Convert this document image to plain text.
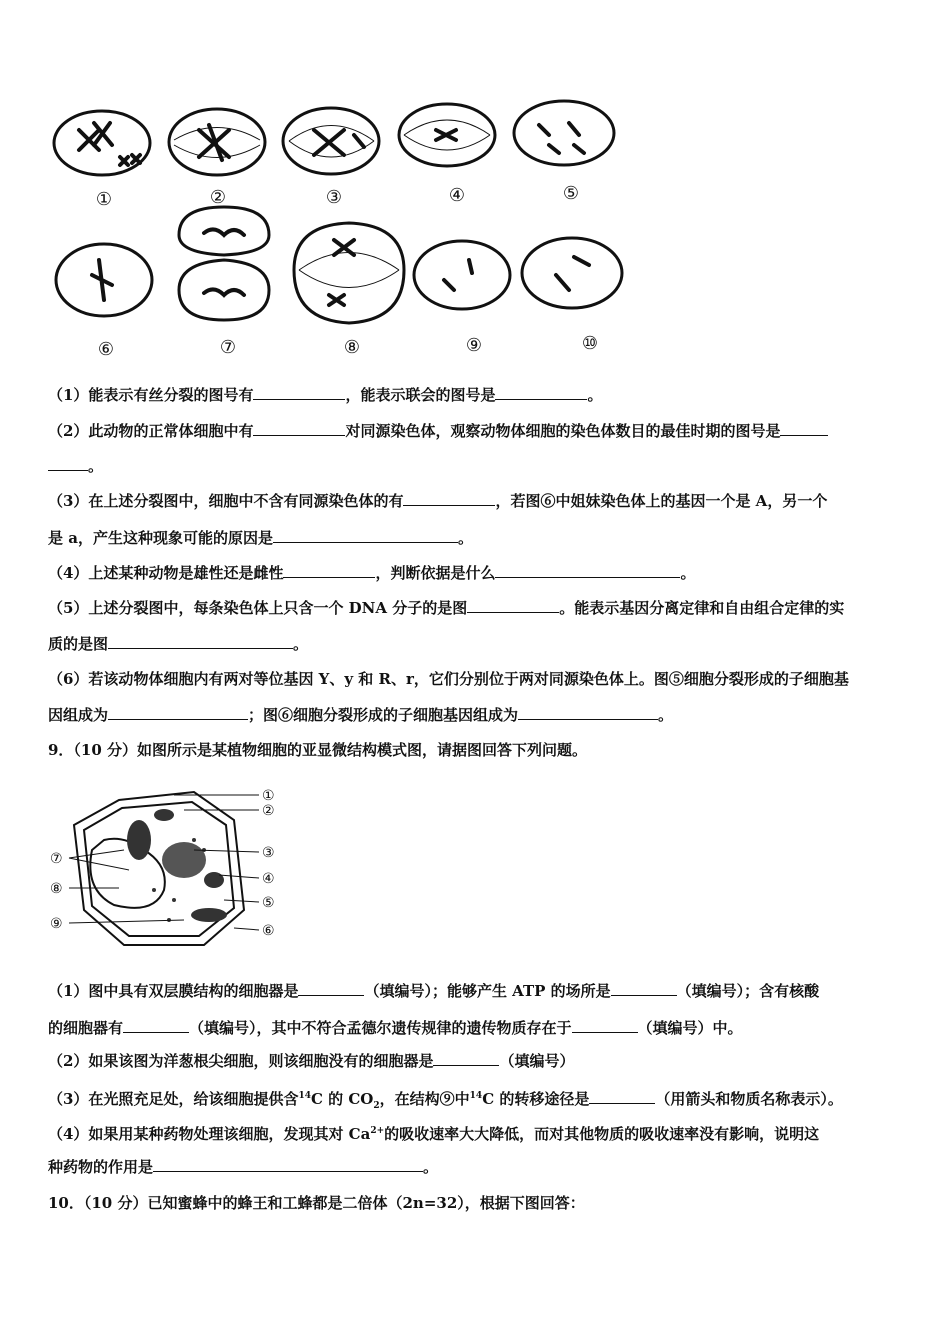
①	②	③	④	⑤
⑥	⑦	⑧	⑨	⑩
（1）能表示有丝分裂的图号有	，能表示联会的图号是	。
（2）此动物的正常体细胞中有	对同源染色体，观察动物体细胞的染色体数目的最佳时期的图号是
。
（3）在上述分裂图中，细胞中不含有同源染色体的有	，若图⑥中姐妹染色体上的基因一个是 A，另一个
是 a，产生这种现象可能的原因是	。
（4）上述某种动物是雄性还是雌性	，判断依据是什么	。
（5）上述分裂图中，每条染色体上只含一个 DNA 分子的是图	。能表示基因分离定律和自由组合定律的实
质的是图	。
（6）若该动物体细胞内有两对等位基因 Y、y 和 R、r，它们分别位于两对同源染色体上。图⑤细胞分裂形成的子细胞基
因组成为	；图⑥细胞分裂形成的子细胞基因组成为	。
9．（10 分）如图所示是某植物细胞的亚显微结构模式图，请据图回答下列问题。
①
②
③
④
⑤
⑥
⑦
⑧
⑨
（1）图中具有双层膜结构的细胞器是	（填编号）；能够产生 ATP 的场所是	（填编号）；含有核酸
的细胞器有	（填编号），其中不符合孟德尔遗传规律的遗传物质存在于	（填编号）中。
（2）如果该图为洋葱根尖细胞，则该细胞没有的细胞器是	（填编号）
（3）在光照充足处，给该细胞提供含$^{14}$C 的 $CO_2$，在结构⑨中$^{14}$C 的转移途径是	（用箭头和物质名称表示）。
（4）如果用某种药物处理该细胞，发现其对 $Ca^{2+}$的吸收速率大大降低，而对其他物质的吸收速率没有影响，说明这
种药物的作用是	。
10．（10 分）已知蜜蜂中的蜂王和工蜂都是二倍体（2n=32），根据下图回答：
